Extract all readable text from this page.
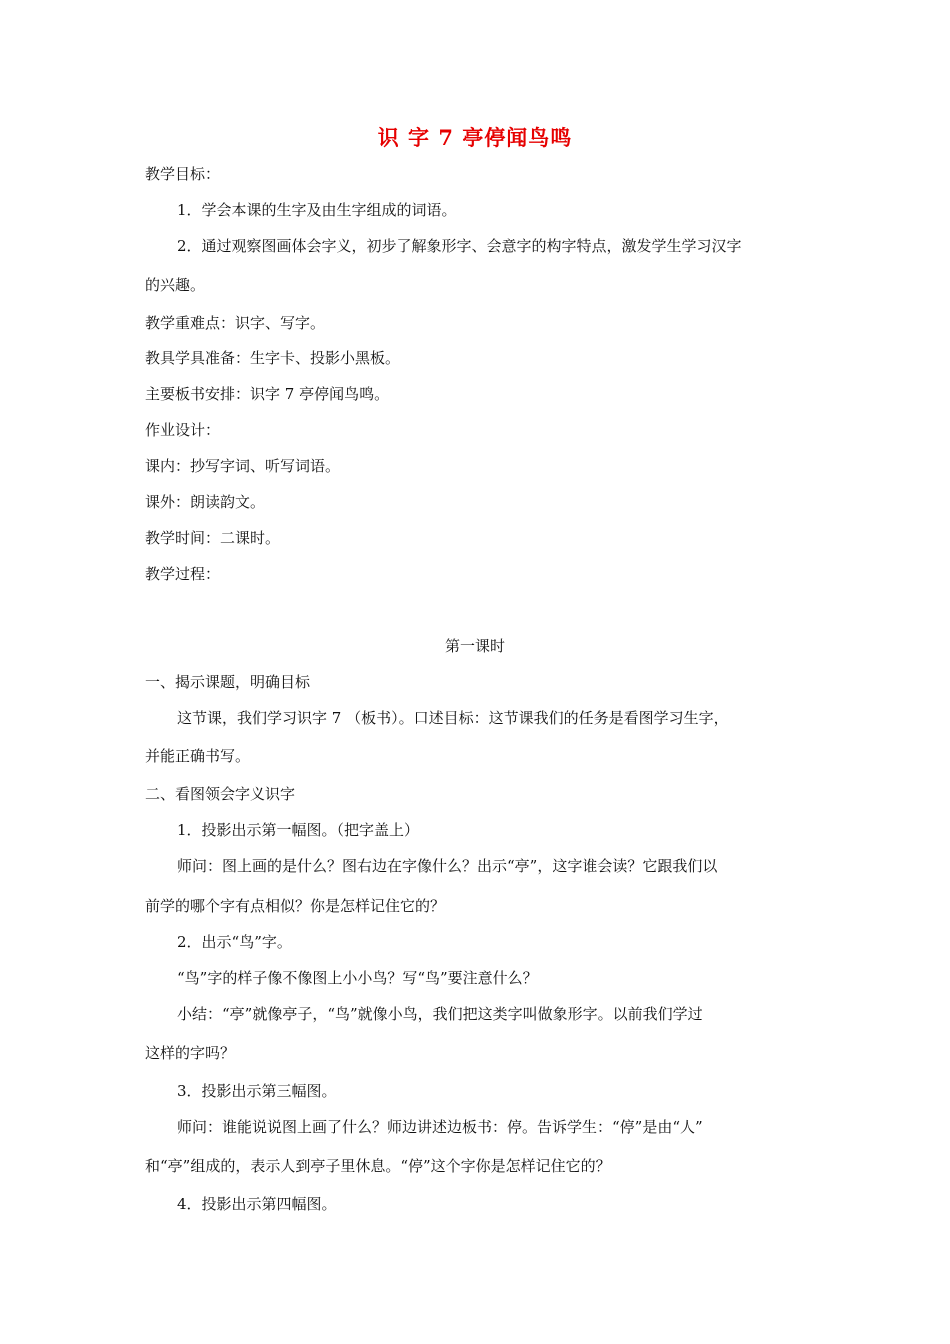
识 字 7 亭停闻鸟鸣
教学目标：
1．学会本课的生字及由生字组成的词语。
2．通过观察图画体会字义，初步了解象形字、会意字的构字特点，激发学生学习汉字
的兴趣。
教学重难点：识字、写字。
教具学具准备：生字卡、投影小黑板。
主要板书安排：识字 7 亭停闻鸟鸣。
作业设计：
课内：抄写字词、听写词语。
课外：朗读韵文。
教学时间：二课时。
教学过程：
第一课时
一、揭示课题，明确目标
这节课，我们学习识字 7 （板书）。口述目标：这节课我们的任务是看图学习生字，
并能正确书写。
二、看图领会字义识字
1．投影出示第一幅图。（把字盖上）
师问：图上画的是什么？图右边在字像什么？出示“亭”，这字谁会读？它跟我们以
前学的哪个字有点相似？你是怎样记住它的？
2．出示“鸟”字。
“鸟”字的样子像不像图上小小鸟？写“鸟”要注意什么？
小结：“亭”就像亭子，“鸟”就像小鸟，我们把这类字叫做象形字。以前我们学过
这样的字吗？
3．投影出示第三幅图。
师问：谁能说说图上画了什么？师边讲述边板书：停。告诉学生：“停”是由“人”
和“亭”组成的，表示人到亭子里休息。“停”这个字你是怎样记住它的？
4．投影出示第四幅图。
